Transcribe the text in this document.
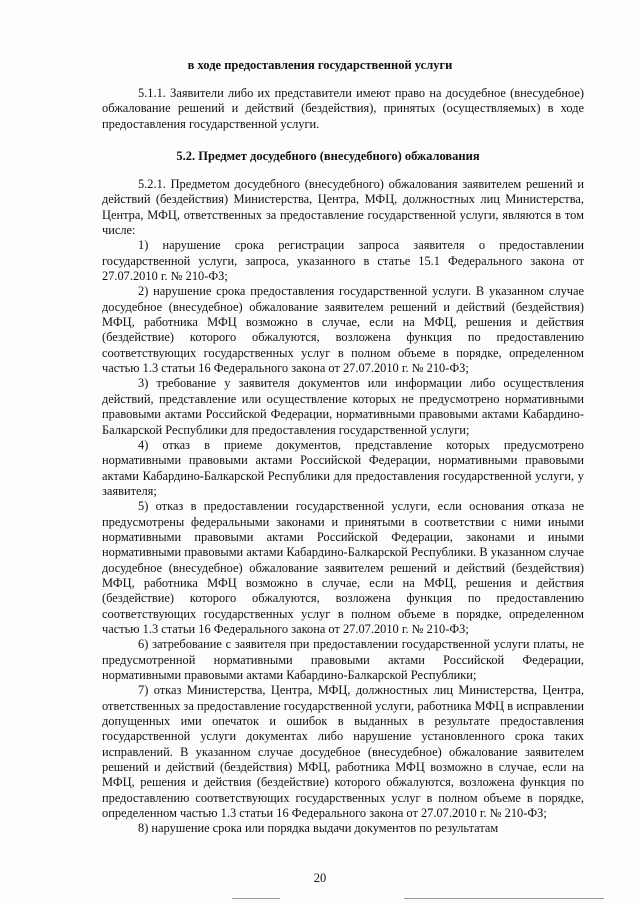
в ходе предоставления государственной услуги

5.1.1. Заявители либо их представители имеют право на досудебное (внесудебное) обжалование решений и действий (бездействия), принятых (осуществляемых) в ходе предоставления государственной услуги.

5.2. Предмет досудебного (внесудебного) обжалования

5.2.1. Предметом досудебного (внесудебного) обжалования заявителем решений и действий (бездействия) Министерства, Центра, МФЦ, должностных лиц Министерства, Центра, МФЦ, ответственных за предоставление государственной услуги, являются в том числе:

1) нарушение срока регистрации запроса заявителя о предоставлении государственной услуги, запроса, указанного в статье 15.1 Федерального закона от 27.07.2010 г. № 210-ФЗ;

2) нарушение срока предоставления государственной услуги. В указанном случае досудебное (внесудебное) обжалование заявителем решений и действий (бездействия) МФЦ, работника МФЦ возможно в случае, если на МФЦ, решения и действия (бездействие) которого обжалуются, возложена функция по предоставлению соответствующих государственных услуг в полном объеме в порядке, определенном частью 1.3 статьи 16 Федерального закона от 27.07.2010 г. № 210-ФЗ;

3) требование у заявителя документов или информации либо осуществления действий, представление или осуществление которых не предусмотрено нормативными правовыми актами Российской Федерации, нормативными правовыми актами Кабардино-Балкарской Республики для предоставления государственной услуги;

4) отказ в приеме документов, представление которых предусмотрено нормативными правовыми актами Российской Федерации, нормативными правовыми актами Кабардино-Балкарской Республики для предоставления государственной услуги, у заявителя;

5) отказ в предоставлении государственной услуги, если основания отказа не предусмотрены федеральными законами и принятыми в соответствии с ними иными нормативными правовыми актами Российской Федерации, законами и иными нормативными правовыми актами Кабардино-Балкарской Республики. В указанном случае досудебное (внесудебное) обжалование заявителем решений и действий (бездействия) МФЦ, работника МФЦ возможно в случае, если на МФЦ, решения и действия (бездействие) которого обжалуются, возложена функция по предоставлению соответствующих государственных услуг в полном объеме в порядке, определенном частью 1.3 статьи 16 Федерального закона от 27.07.2010 г. № 210-ФЗ;

6) затребование с заявителя при предоставлении государственной услуги платы, не предусмотренной нормативными правовыми актами Российской Федерации, нормативными правовыми актами Кабардино-Балкарской Республики;

7) отказ Министерства, Центра, МФЦ, должностных лиц Министерства, Центра, ответственных за предоставление государственной услуги, работника МФЦ в исправлении допущенных ими опечаток и ошибок в выданных в результате предоставления государственной услуги документах либо нарушение установленного срока таких исправлений. В указанном случае досудебное (внесудебное) обжалование заявителем решений и действий (бездействия) МФЦ, работника МФЦ возможно в случае, если на МФЦ, решения и действия (бездействие) которого обжалуются, возложена функция по предоставлению соответствующих государственных услуг в полном объеме в порядке, определенном частью 1.3 статьи 16 Федерального закона от 27.07.2010 г. № 210-ФЗ;

8) нарушение срока или порядка выдачи документов по результатам

20
